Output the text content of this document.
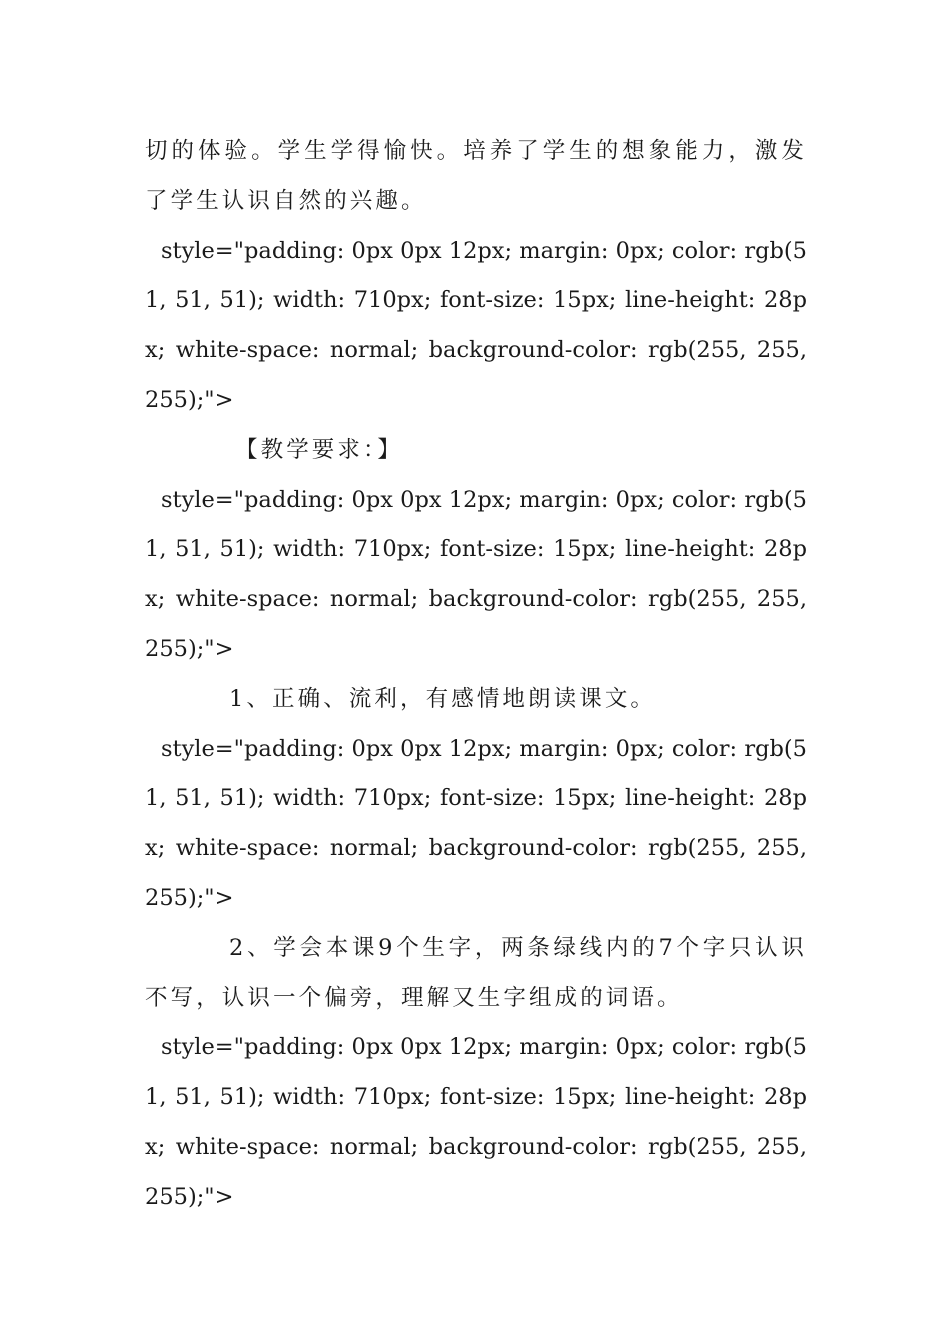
切的体验。学生学得愉快。培养了学生的想象能力，激发了学生认识自然的兴趣。

style="padding: 0px 0px 12px; margin: 0px; color: rgb(51, 51, 51); width: 710px; font-size: 15px; line-height: 28px; white-space: normal; background-color: rgb(255, 255, 255);">

【教学要求：】

style="padding: 0px 0px 12px; margin: 0px; color: rgb(51, 51, 51); width: 710px; font-size: 15px; line-height: 28px; white-space: normal; background-color: rgb(255, 255, 255);">

1、正确、流利，有感情地朗读课文。

style="padding: 0px 0px 12px; margin: 0px; color: rgb(51, 51, 51); width: 710px; font-size: 15px; line-height: 28px; white-space: normal; background-color: rgb(255, 255, 255);">

2、学会本课9个生字，两条绿线内的7个字只认识不写，认识一个偏旁，理解又生字组成的词语。

style="padding: 0px 0px 12px; margin: 0px; color: rgb(51, 51, 51); width: 710px; font-size: 15px; line-height: 28px; white-space: normal; background-color: rgb(255, 255, 255);">
